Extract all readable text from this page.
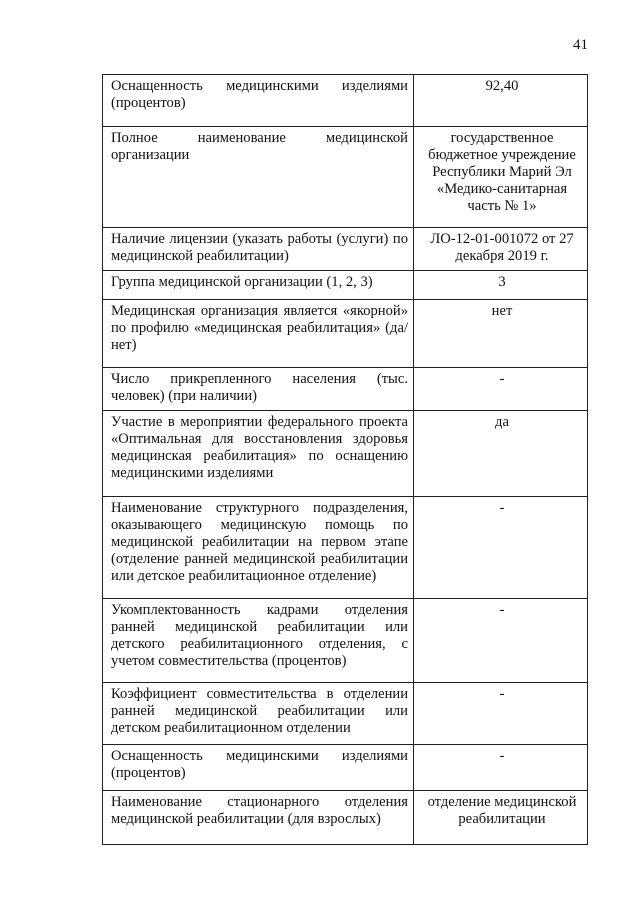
41
Оснащенность медицинскими изделиями (процентов)	92,40
Полное наименование медицинской организации	государственное бюджетное учреждение Республики Марий Эл «Медико-санитарная часть № 1»
Наличие лицензии (указать работы (услуги) по медицинской реабилитации)	ЛО-12-01-001072 от 27 декабря 2019 г.
Группа медицинской организации (1, 2, 3)	3
Медицинская организация является «якорной» по профилю «медицинская реабилитация» (да/нет)	нет
Число прикрепленного населения (тыс. человек) (при наличии)	-
Участие в мероприятии федерального проекта «Оптимальная для восстановления здоровья медицинская реабилитация» по оснащению медицинскими изделиями	да
Наименование структурного подразделения, оказывающего медицинскую помощь по медицинской реабилитации на первом этапе (отделение ранней медицинской реабилитации или детское реабилитационное отделение)	-
Укомплектованность кадрами отделения ранней медицинской реабилитации или детского реабилитационного отделения, с учетом совместительства (процентов)	-
Коэффициент совместительства в отделении ранней медицинской реабилитации или детском реабилитационном отделении	-
Оснащенность медицинскими изделиями (процентов)	-
Наименование стационарного отделения медицинской реабилитации (для взрослых)	отделение медицинской реабилитации
